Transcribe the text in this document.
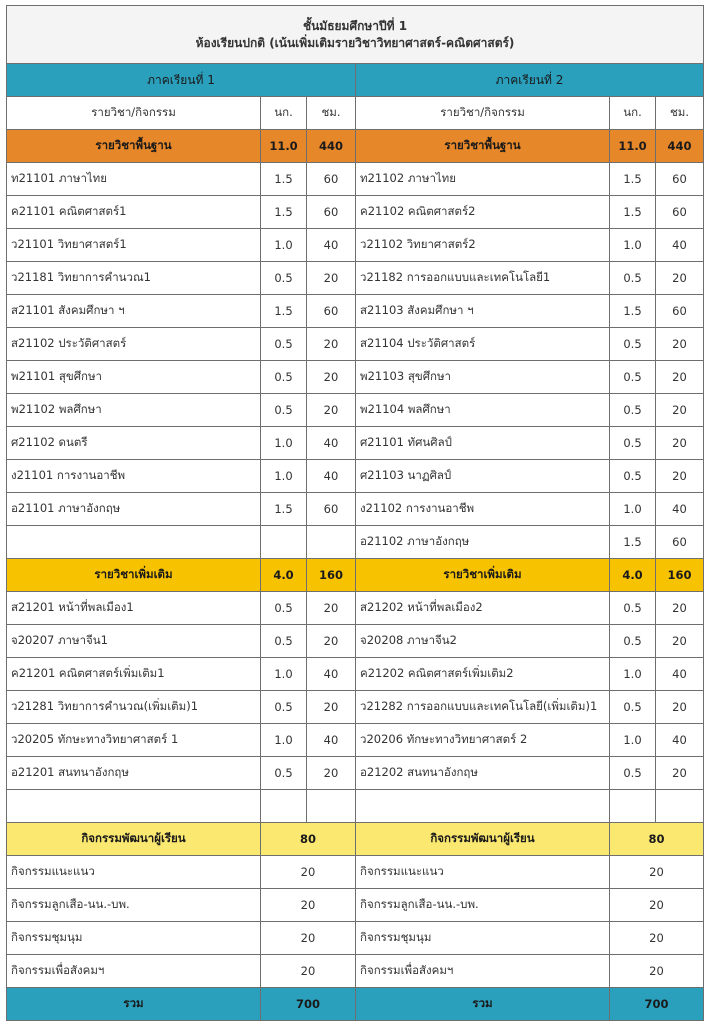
ชั้นมัธยมศึกษาปีที่ 1
ห้องเรียนปกติ (เน้นเพิ่มเติมรายวิชาวิทยาศาสตร์-คณิตศาสตร์)					

ภาคเรียนที่ 1			ภาคเรียนที่ 2		
รายวิชา/กิจกรรม	นก.	ชม.	รายวิชา/กิจกรรม	นก.	ชม.
รายวิชาพื้นฐาน	11.0	440	รายวิชาพื้นฐาน	11.0	440
ท21101 ภาษาไทย	1.5	60	ท21102 ภาษาไทย	1.5	60
ค21101 คณิตศาสตร์1	1.5	60	ค21102 คณิตศาสตร์2	1.5	60
ว21101 วิทยาศาสตร์1	1.0	40	ว21102 วิทยาศาสตร์2	1.0	40
ว21181 วิทยาการคำนวณ1	0.5	20	ว21182 การออกแบบและเทคโนโลยี1	0.5	20
ส21101 สังคมศึกษา ฯ	1.5	60	ส21103 สังคมศึกษา ฯ	1.5	60
ส21102 ประวัติศาสตร์	0.5	20	ส21104 ประวัติศาสตร์	0.5	20
พ21101 สุขศึกษา	0.5	20	พ21103 สุขศึกษา	0.5	20
พ21102 พลศึกษา	0.5	20	พ21104 พลศึกษา	0.5	20
ศ21102 ดนตรี	1.0	40	ศ21101 ทัศนศิลป์	0.5	20
ง21101 การงานอาชีพ	1.0	40	ศ21103 นาฏศิลป์	0.5	20
อ21101 ภาษาอังกฤษ	1.5	60	ง21102 การงานอาชีพ	1.0	40
			อ21102 ภาษาอังกฤษ	1.5	60
รายวิชาเพิ่มเติม	4.0	160	รายวิชาเพิ่มเติม	4.0	160
ส21201 หน้าที่พลเมือง1	0.5	20	ส21202 หน้าที่พลเมือง2	0.5	20
จ20207 ภาษาจีน1	0.5	20	จ20208 ภาษาจีน2	0.5	20
ค21201 คณิตศาสตร์เพิ่มเติม1	1.0	40	ค21202 คณิตศาสตร์เพิ่มเติม2	1.0	40
ว21281 วิทยาการคำนวณ(เพิ่มเติม)1	0.5	20	ว21282 การออกแบบและเทคโนโลยี(เพิ่มเติม)1	0.5	20
ว20205 ทักษะทางวิทยาศาสตร์ 1	1.0	40	ว20206 ทักษะทางวิทยาศาสตร์ 2	1.0	40
อ21201 สนทนาอังกฤษ	0.5	20	อ21202 สนทนาอังกฤษ	0.5	20

กิจกรรมพัฒนาผู้เรียน	80		กิจกรรมพัฒนาผู้เรียน	80	
กิจกรรมแนะแนว	20		กิจกรรมแนะแนว	20	
กิจกรรมลูกเสือ-นน.-บพ.	20		กิจกรรมลูกเสือ-นน.-บพ.	20	
กิจกรรมชุมนุม	20		กิจกรรมชุมนุม	20	
กิจกรรมเพื่อสังคมฯ	20		กิจกรรมเพื่อสังคมฯ	20	
รวม	700		รวม	700	
